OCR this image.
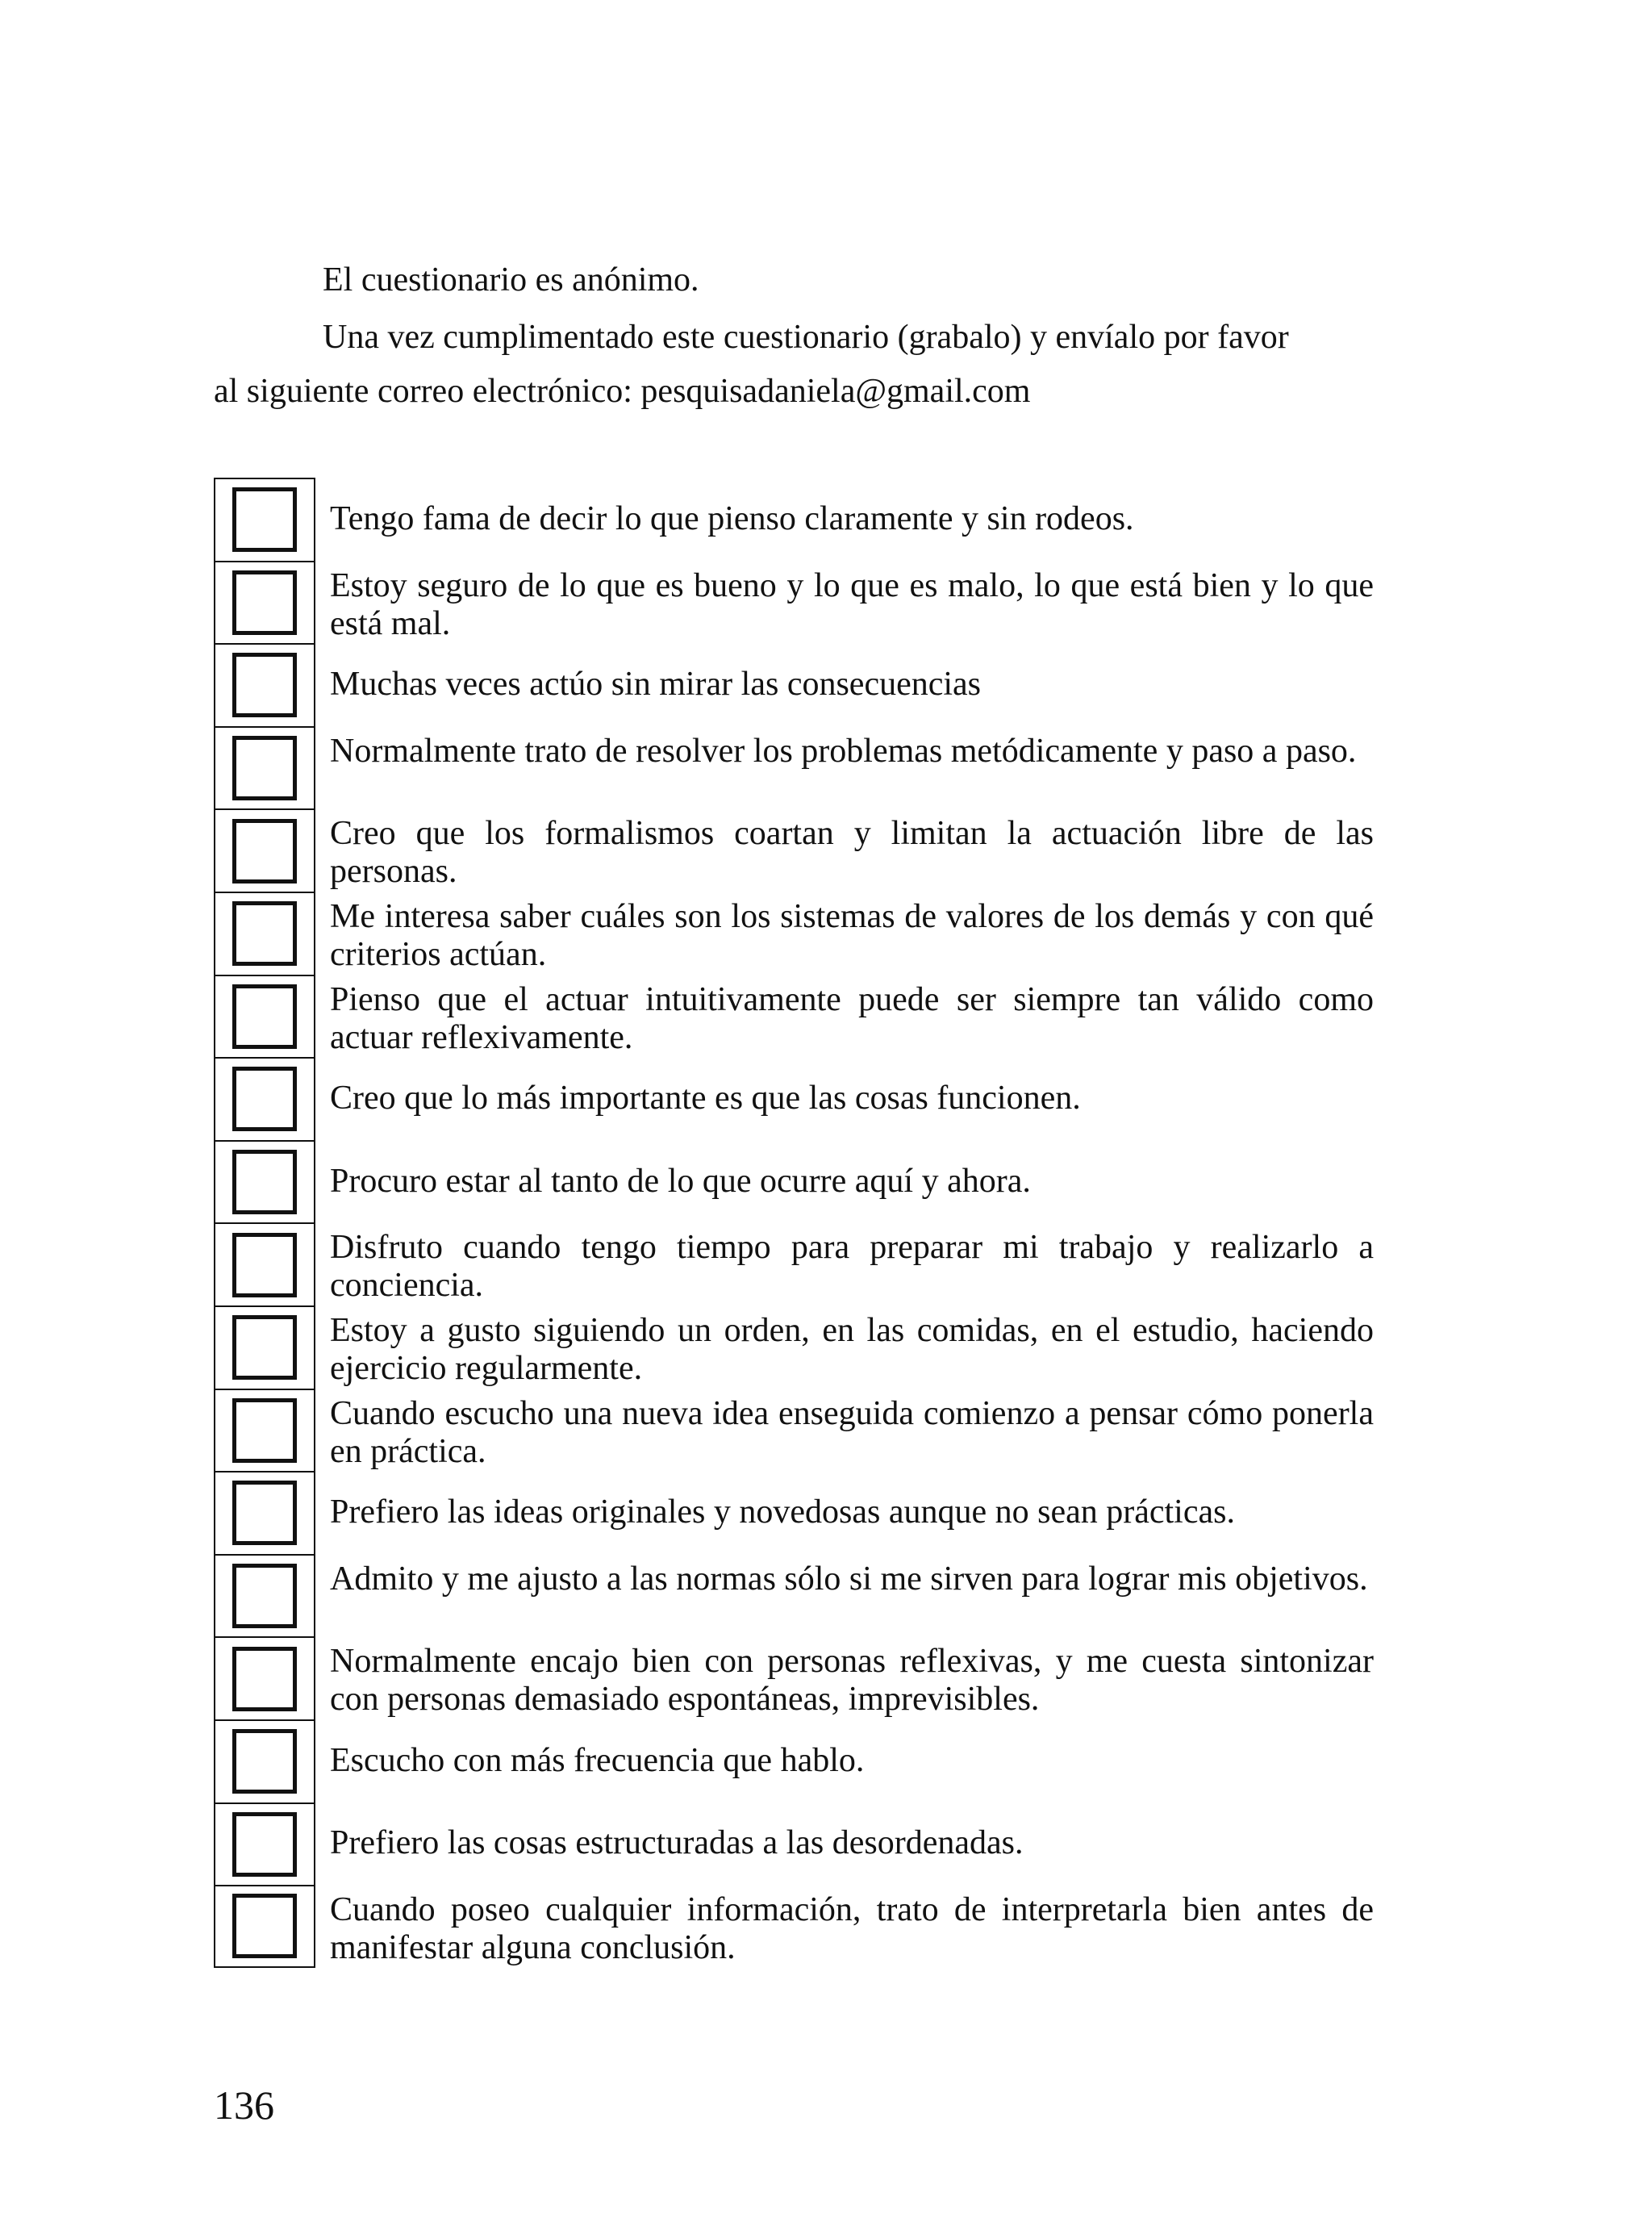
El cuestionario es anónimo.

Una vez cumplimentado este cuestionario (grabalo) y envíalo por favor

al siguiente correo electrónico: pesquisadaniela@gmail.com

Tengo fama de decir lo que pienso claramente y sin rodeos.
Estoy seguro de lo que es bueno y lo que es malo, lo que está bien y lo que está mal.
Muchas veces actúo sin mirar las consecuencias
Normalmente trato de resolver los problemas metódicamente y paso a paso.
Creo que los formalismos coartan y limitan la actuación libre de las personas.
Me interesa saber cuáles son los sistemas de valores de los demás y con qué criterios actúan.
Pienso que el actuar intuitivamente puede ser siempre tan válido como actuar reflexivamente.
Creo que lo más importante es que las cosas funcionen.
Procuro estar al tanto de lo que ocurre aquí y ahora.
Disfruto cuando tengo tiempo para preparar mi trabajo y realizarlo a conciencia.
Estoy a gusto siguiendo un orden, en las comidas, en el estudio, haciendo ejercicio regularmente.
Cuando escucho una nueva idea enseguida comienzo a pensar cómo ponerla en práctica.
Prefiero las ideas originales y novedosas aunque no sean prácticas.
Admito y me ajusto a las normas sólo si me sirven para lograr mis objetivos.
Normalmente encajo bien con personas reflexivas, y me cuesta sintonizar con personas demasiado espontáneas, imprevisibles.
Escucho con más frecuencia que hablo.
Prefiero las cosas estructuradas a las desordenadas.
Cuando poseo cualquier información, trato de interpretarla bien antes de manifestar alguna conclusión.

136
